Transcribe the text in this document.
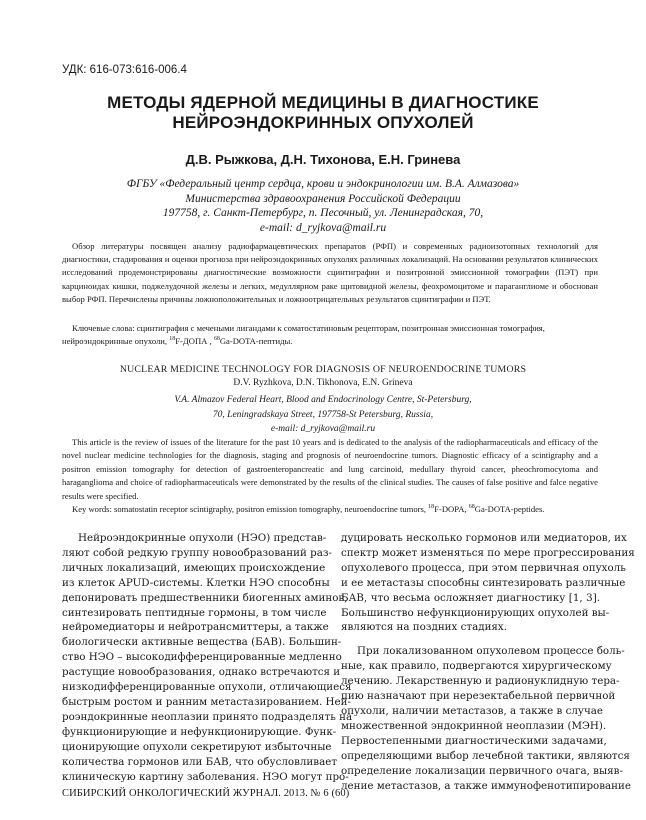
УДК: 616-073:616-006.4
МЕТОДЫ ЯДЕРНОЙ МЕДИЦИНЫ В ДИАГНОСТИКЕ
НЕЙРОЭНДОКРИННЫХ ОПУХОЛЕЙ
Д.В. Рыжкова, Д.Н. Тихонова, Е.Н. Гринева
ФГБУ «Федеральный центр сердца, крови и эндокринологии им. В.А. Алмазова»
Министерства здравоохранения Российской Федерации
197758, г. Санкт-Петербург, п. Песочный, ул. Ленинградская, 70,
e-mail: d_ryjkova@mail.ru

Обзор литературы посвящен анализу радиофармацевтических препаратов (РФП) и современных радиоизотопных технологий для диагностики, стадирования и оценки прогноза при нейроэндокринных опухолях различных локализаций. На основании результатов клинических исследований продемонстрированы диагностические возможности сцинтиграфии и позитронной эмиссионной томографии (ПЭТ) при карциноидах кишки, поджелудочной железы и легких, медуллярном раке щитовидной железы, феохромоцитоме и параганглиоме и обоснован выбор РФП. Перечислены причины ложноположительных и ложноотрицательных результатов сцинтиграфии и ПЭТ.

Ключевые слова: сцинтиграфия с мечеными лигандами к соматостатиновым рецепторам, позитронная эмиссионная томография, нейроэндокринные опухоли, $^{18}$F-ДОПА , $^{68}$Ga-DOTA-пептиды.

NUCLEAR MEDICINE TECHNOLOGY FOR DIAGNOSIS OF NEUROENDOCRINE TUMORS
D.V. Ryzhkova, D.N. Tikhonova, E.N. Grineva
V.A. Almazov Federal Heart, Blood and Endocrinology Centre, St-Petersburg,
70, Leningradskaya Street, 197758-St Petersburg, Russia,
e-mail: d_ryjkova@mail.ru

This article is the review of issues of the literature for the past 10 years and is dedicated to the analysis of the radiopharmaceuticals and efficacy of the novel nuclear medicine technologies for the diagnosis, staging and prognosis of neuroendocrine tumors. Diagnostic efficacy of a scintigraphy and a positron emission tomography for detection of gastroenteropancreatic and lung carcinoid, medullary thyroid cancer, pheochromocytoma and haraganglioma and choice of radiopharmaceuticals were demonstrated by the results of the clinical studies. The causes of false positive and falce negative results were specified.

Key words: somatostatin receptor scintigraphy, positron emission tomography, neuroendocrine tumors, $^{18}$F-DOPA, $^{68}$Ga-DOTA-peptides.

Нейроэндокринные опухоли (НЭО) представ-
ляют собой редкую группу новообразований раз-
личных локализаций, имеющих происхождение
из клеток APUD-системы. Клетки НЭО способны
депонировать предшественники биогенных аминов,
синтезировать пептидные гормоны, в том числе
нейромедиаторы и нейротрансмиттеры, а также
биологически активные вещества (БАВ). Большин-
ство НЭО – высокодифференцированные медленно
растущие новообразования, однако встречаются и
низкодифференцированные опухоли, отличающиеся
быстрым ростом и ранним метастазированием. Ней-
роэндокринные неоплазии принято подразделять на
функционирующие и нефункционирующие. Функ-
ционирующие опухоли секретируют избыточные
количества гормонов или БАВ, что обусловливает
клиническую картину заболевания. НЭО могут про-
дуцировать несколько гормонов или медиаторов, их
спектр может изменяться по мере прогрессирования
опухолевого процесса, при этом первичная опухоль
и ее метастазы способны синтезировать различные
БАВ, что весьма осложняет диагностику [1, 3].
Большинство нефункционирующих опухолей вы-
являются на поздних стадиях.
При локализованном опухолевом процессе боль-
ные, как правило, подвергаются хирургическому
лечению. Лекарственную и радионуклидную тера-
пию назначают при нерезектабельной первичной
опухоли, наличии метастазов, а также в случае
множественной эндокринной неоплазии (МЭН).
Первостепенными диагностическими задачами,
определяющими выбор лечебной тактики, являются
определение локализации первичного очага, выяв-
ление метастазов, а также иммунофенотипирование
СИБИРСКИЙ ОНКОЛОГИЧЕСКИЙ ЖУРНАЛ. 2013. № 6 (60)
